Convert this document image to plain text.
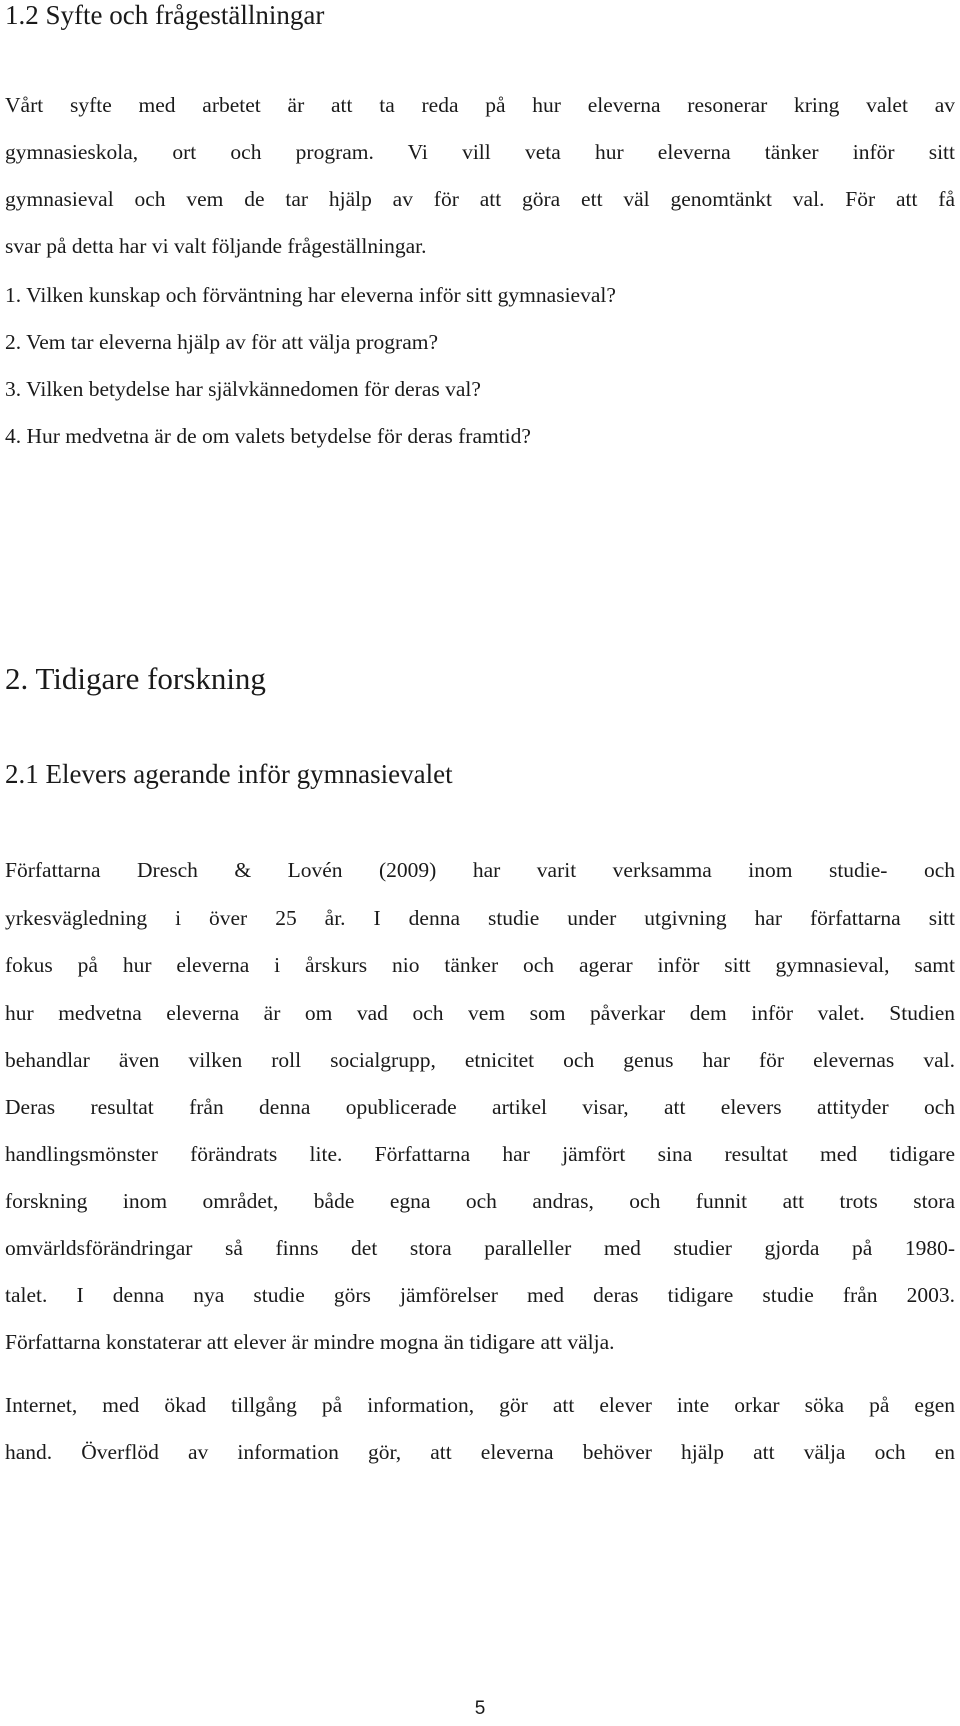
1.2 Syfte och frågeställningar

Vårt syfte med arbetet är att ta reda på hur eleverna resonerar kring valet av

gymnasieskola, ort och program. Vi vill veta hur eleverna tänker inför sitt

gymnasieval och vem de tar hjälp av för att göra ett väl genomtänkt val. För att få

svar på detta har vi valt följande frågeställningar.

1. Vilken kunskap och förväntning har eleverna inför sitt gymnasieval?

2. Vem tar eleverna hjälp av för att välja program?

3. Vilken betydelse har självkännedomen för deras val?

4. Hur medvetna är de om valets betydelse för deras framtid?

2. Tidigare forskning
2.1 Elevers agerande inför gymnasievalet

Författarna Dresch & Lovén (2009) har varit verksamma inom studie- och

yrkesvägledning i över 25 år. I denna studie under utgivning har författarna sitt

fokus på hur eleverna i årskurs nio tänker och agerar inför sitt gymnasieval, samt

hur medvetna eleverna är om vad och vem som påverkar dem inför valet. Studien

behandlar även vilken roll socialgrupp, etnicitet och genus har för elevernas val.

Deras resultat från denna opublicerade artikel visar, att elevers attityder och

handlingsmönster förändrats lite. Författarna har jämfört sina resultat med tidigare

forskning inom området, både egna och andras, och funnit att trots stora

omvärldsförändringar så finns det stora paralleller med studier gjorda på 1980-

talet. I denna nya studie görs jämförelser med deras tidigare studie från 2003.

Författarna konstaterar att elever är mindre mogna än tidigare att välja.

Internet, med ökad tillgång på information, gör att elever inte orkar söka på egen

hand. Överflöd av information gör, att eleverna behöver hjälp att välja och en

5
